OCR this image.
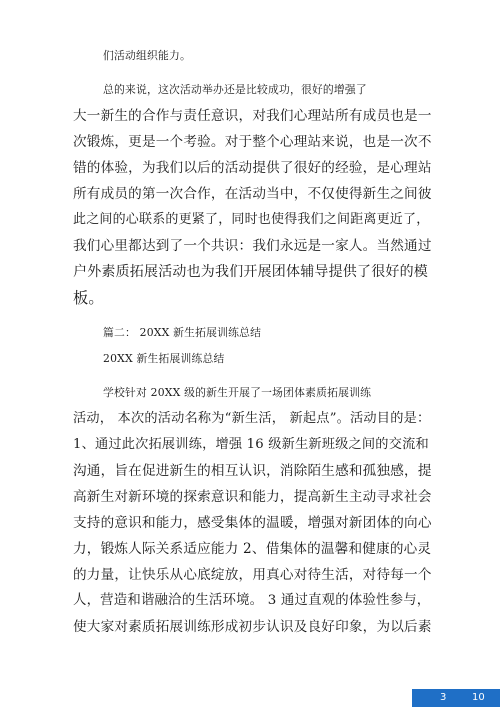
们活动组织能力。
总的来说，这次活动举办还是比较成功，很好的增强了
大一新生的合作与责任意识，对我们心理站所有成员也是一
次锻炼，更是一个考验。对于整个心理站来说，也是一次不
错的体验，为我们以后的活动提供了很好的经验，是心理站
所有成员的第一次合作，在活动当中，不仅使得新生之间彼
此之间的心联系的更紧了，同时也使得我们之间距离更近了，
我们心里都达到了一个共识：我们永远是一家人。当然通过
户外素质拓展活动也为我们开展团体辅导提供了很好的模
板。
篇二： 20XX 新生拓展训练总结
20XX 新生拓展训练总结
学校针对 20XX 级的新生开展了一场团体素质拓展训练
活动， 本次的活动名称为“新生活， 新起点”。活动目的是：
1、通过此次拓展训练，增强 16 级新生新班级之间的交流和
沟通，旨在促进新生的相互认识，消除陌生感和孤独感，提
高新生对新环境的探索意识和能力，提高新生主动寻求社会
支持的意识和能力，感受集体的温暖，增强对新团体的向心
力，锻炼人际关系适应能力 2、借集体的温馨和健康的心灵
的力量，让快乐从心底绽放，用真心对待生活，对待每一个
人，营造和谐融洽的生活环境。 3 通过直观的体验性参与，
使大家对素质拓展训练形成初步认识及良好印象，为以后素
3	10
